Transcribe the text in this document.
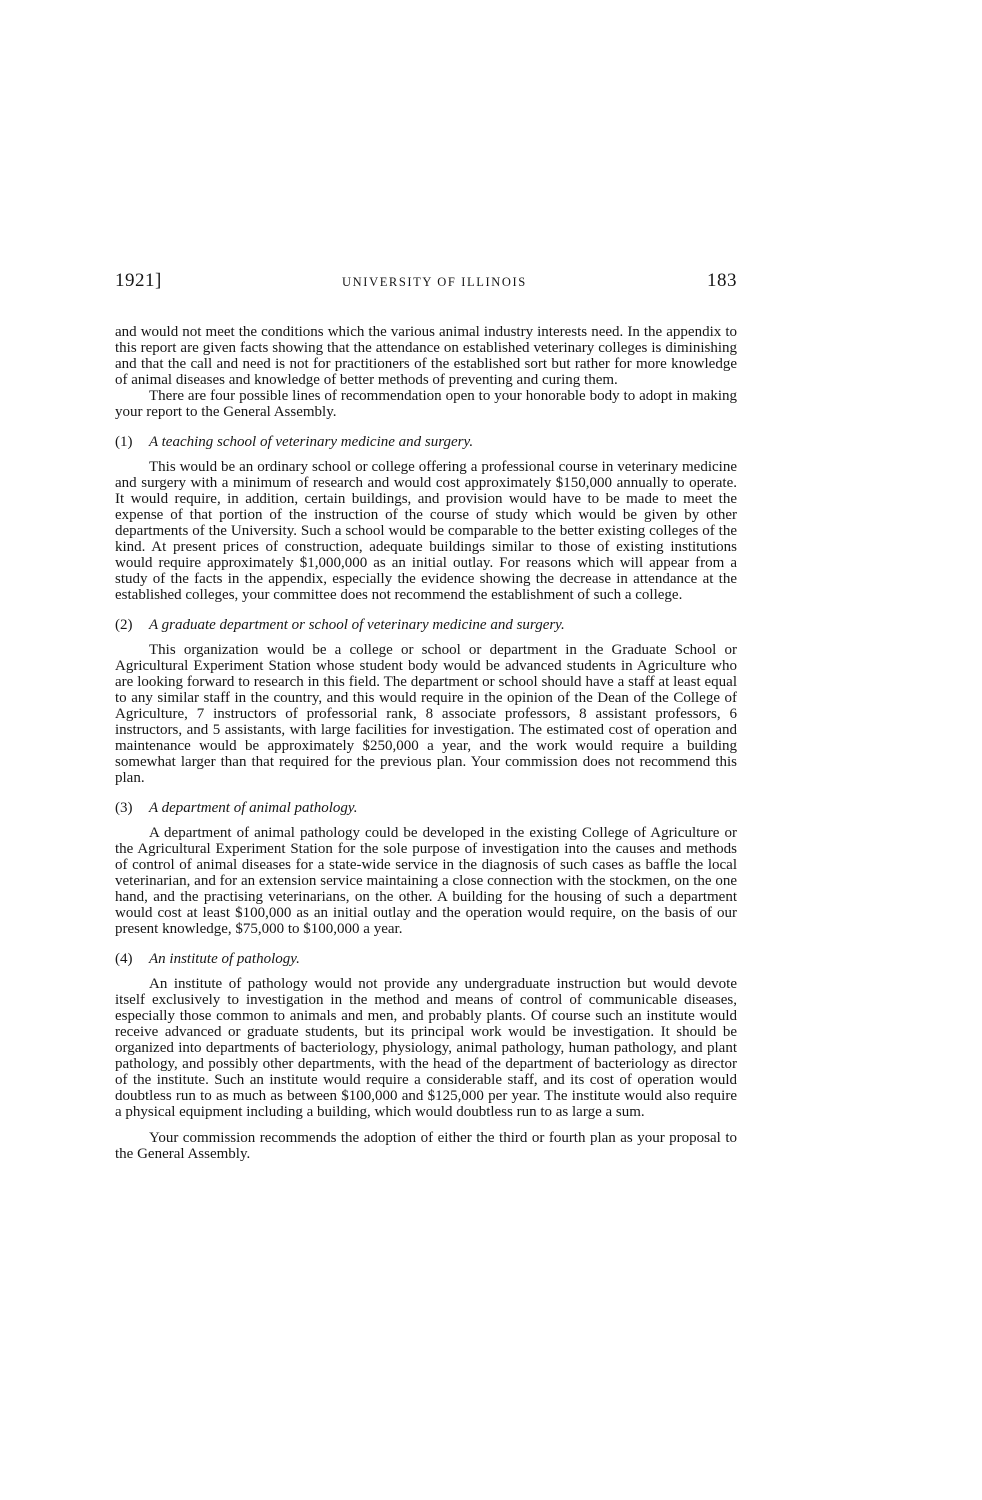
1921]	UNIVERSITY OF ILLINOIS	183

and would not meet the conditions which the various animal industry interests need. In the appendix to this report are given facts showing that the attendance on established veterinary colleges is diminishing and that the call and need is not for practitioners of the established sort but rather for more knowledge of animal diseases and knowledge of better methods of preventing and curing them.

There are four possible lines of recommendation open to your honorable body to adopt in making your report to the General Assembly.

(1) A teaching school of veterinary medicine and surgery.

This would be an ordinary school or college offering a professional course in veterinary medicine and surgery with a minimum of research and would cost approximately $150,000 annually to operate. It would require, in addition, certain buildings, and provision would have to be made to meet the expense of that portion of the instruction of the course of study which would be given by other departments of the University. Such a school would be comparable to the better existing colleges of the kind. At present prices of construction, adequate buildings similar to those of existing institutions would require approximately $1,000,000 as an initial outlay. For reasons which will appear from a study of the facts in the appendix, especially the evidence showing the decrease in attendance at the established colleges, your committee does not recommend the establishment of such a college.

(2) A graduate department or school of veterinary medicine and surgery.

This organization would be a college or school or department in the Graduate School or Agricultural Experiment Station whose student body would be advanced students in Agriculture who are looking forward to research in this field. The department or school should have a staff at least equal to any similar staff in the country, and this would require in the opinion of the Dean of the College of Agriculture, 7 instructors of professorial rank, 8 associate professors, 8 assistant professors, 6 instructors, and 5 assistants, with large facilities for investigation. The estimated cost of operation and maintenance would be approximately $250,000 a year, and the work would require a building somewhat larger than that required for the previous plan. Your commission does not recommend this plan.

(3) A department of animal pathology.

A department of animal pathology could be developed in the existing College of Agriculture or the Agricultural Experiment Station for the sole purpose of investigation into the causes and methods of control of animal diseases for a state-wide service in the diagnosis of such cases as baffle the local veterinarian, and for an extension service maintaining a close connection with the stockmen, on the one hand, and the practising veterinarians, on the other. A building for the housing of such a department would cost at least $100,000 as an initial outlay and the operation would require, on the basis of our present knowledge, $75,000 to $100,000 a year.

(4) An institute of pathology.

An institute of pathology would not provide any undergraduate instruction but would devote itself exclusively to investigation in the method and means of control of communicable diseases, especially those common to animals and men, and probably plants. Of course such an institute would receive advanced or graduate students, but its principal work would be investigation. It should be organized into departments of bacteriology, physiology, animal pathology, human pathology, and plant pathology, and possibly other departments, with the head of the department of bacteriology as director of the institute. Such an institute would require a considerable staff, and its cost of operation would doubtless run to as much as between $100,000 and $125,000 per year. The institute would also require a physical equipment including a building, which would doubtless run to as large a sum.

Your commission recommends the adoption of either the third or fourth plan as your proposal to the General Assembly.
